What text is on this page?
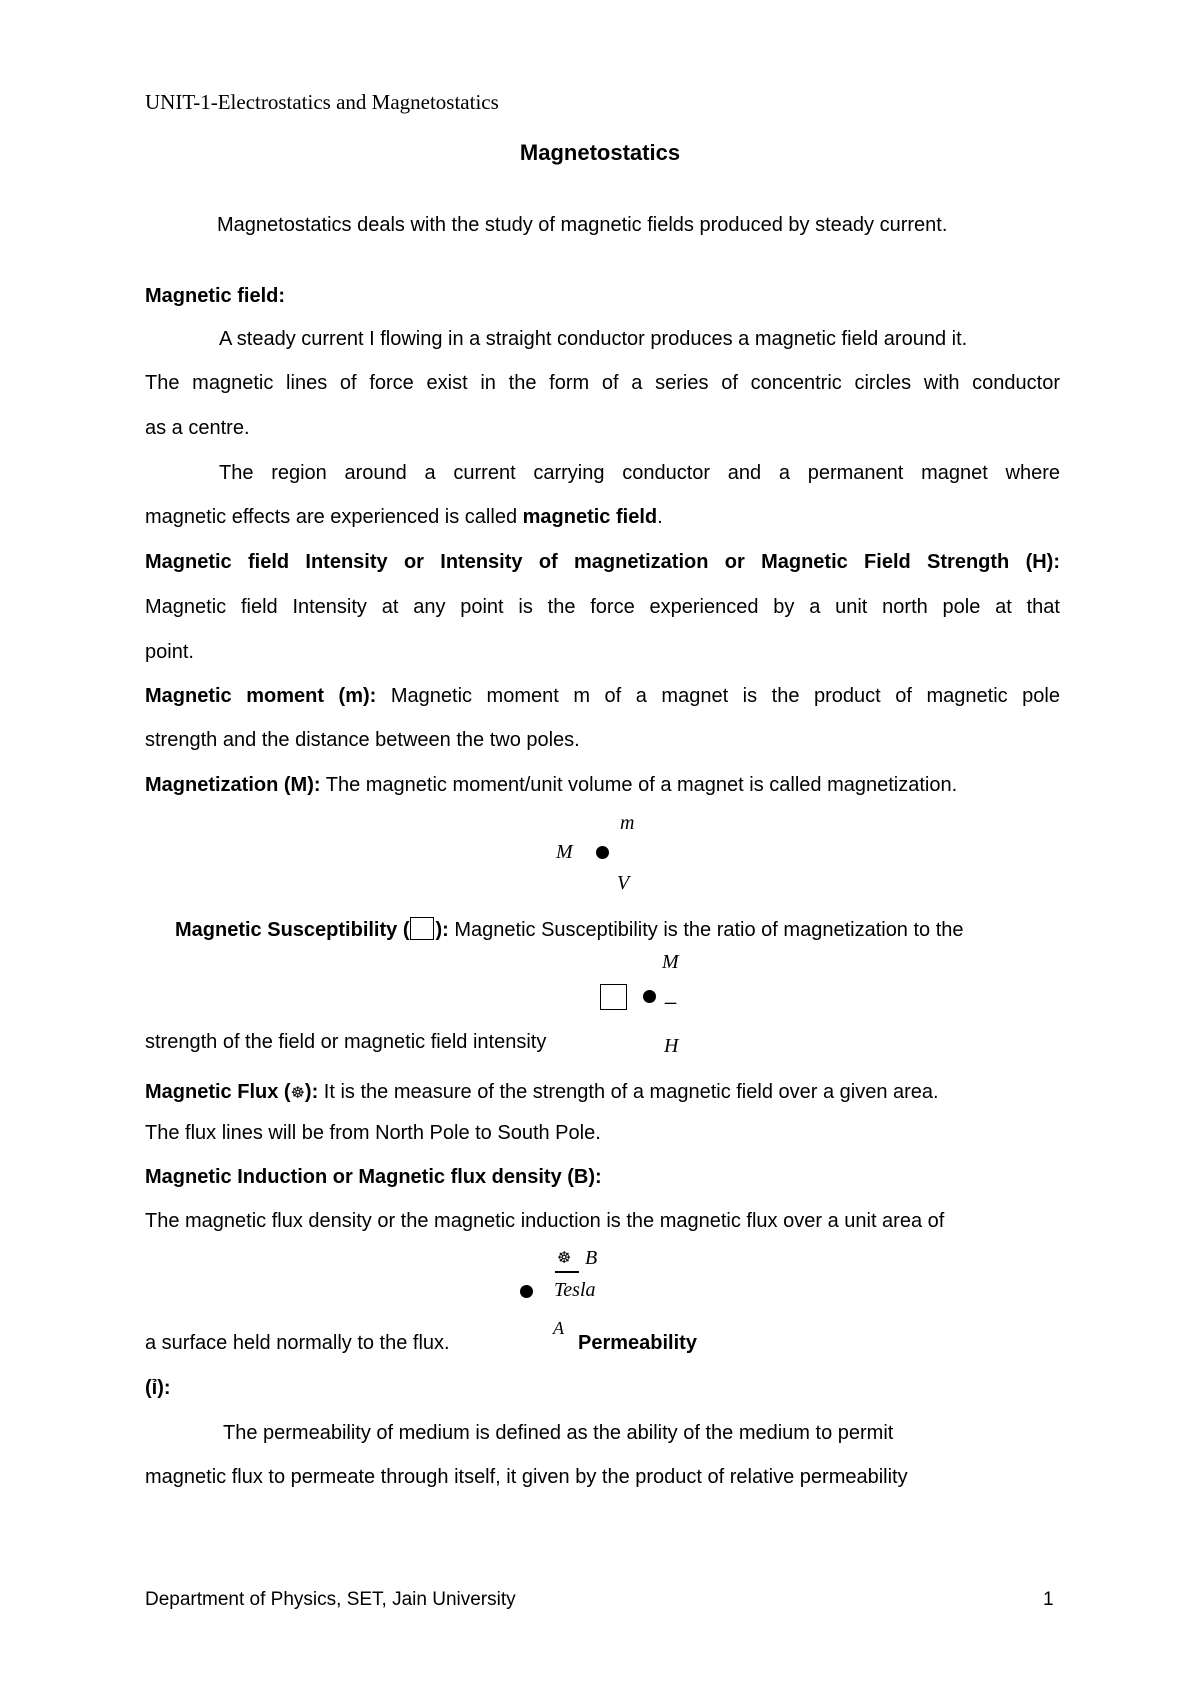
UNIT-1-Electrostatics and Magnetostatics
Magnetostatics
Magnetostatics deals with the study of magnetic fields produced by steady current.
Magnetic field:
A steady current I flowing in a straight conductor produces a magnetic field around it.
The magnetic lines of force exist in the form of a series of concentric circles with conductor
as a centre.
The region around a current carrying conductor and a permanent magnet where
magnetic effects are experienced is called magnetic field.
Magnetic field Intensity or Intensity of magnetization or Magnetic Field Strength (H):
Magnetic field Intensity at any point is the force experienced by a unit north pole at that
point.
Magnetic moment (m): Magnetic moment m of a magnet is the product of magnetic pole
strength and the distance between the two poles.
Magnetization (M): The magnetic moment/unit volume of a magnet is called magnetization.
m
M
V
Magnetic Susceptibility ( ): Magnetic Susceptibility is the ratio of magnetization to the
M
_
strength of the field or magnetic field intensity	H
Magnetic Flux (☸): It is the measure of the strength of a magnetic field over a given area.
The flux lines will be from North Pole to South Pole.
Magnetic Induction or Magnetic flux density (B):
The magnetic flux density or the magnetic induction is the magnetic flux over a unit area of
☸ B
Tesla
a surface held normally to the flux.
A
Permeability
(ỉ):
The permeability of medium is defined as the ability of the medium to permit
magnetic flux to permeate through itself, it given by the product of relative permeability
Department of Physics, SET, Jain University	1
